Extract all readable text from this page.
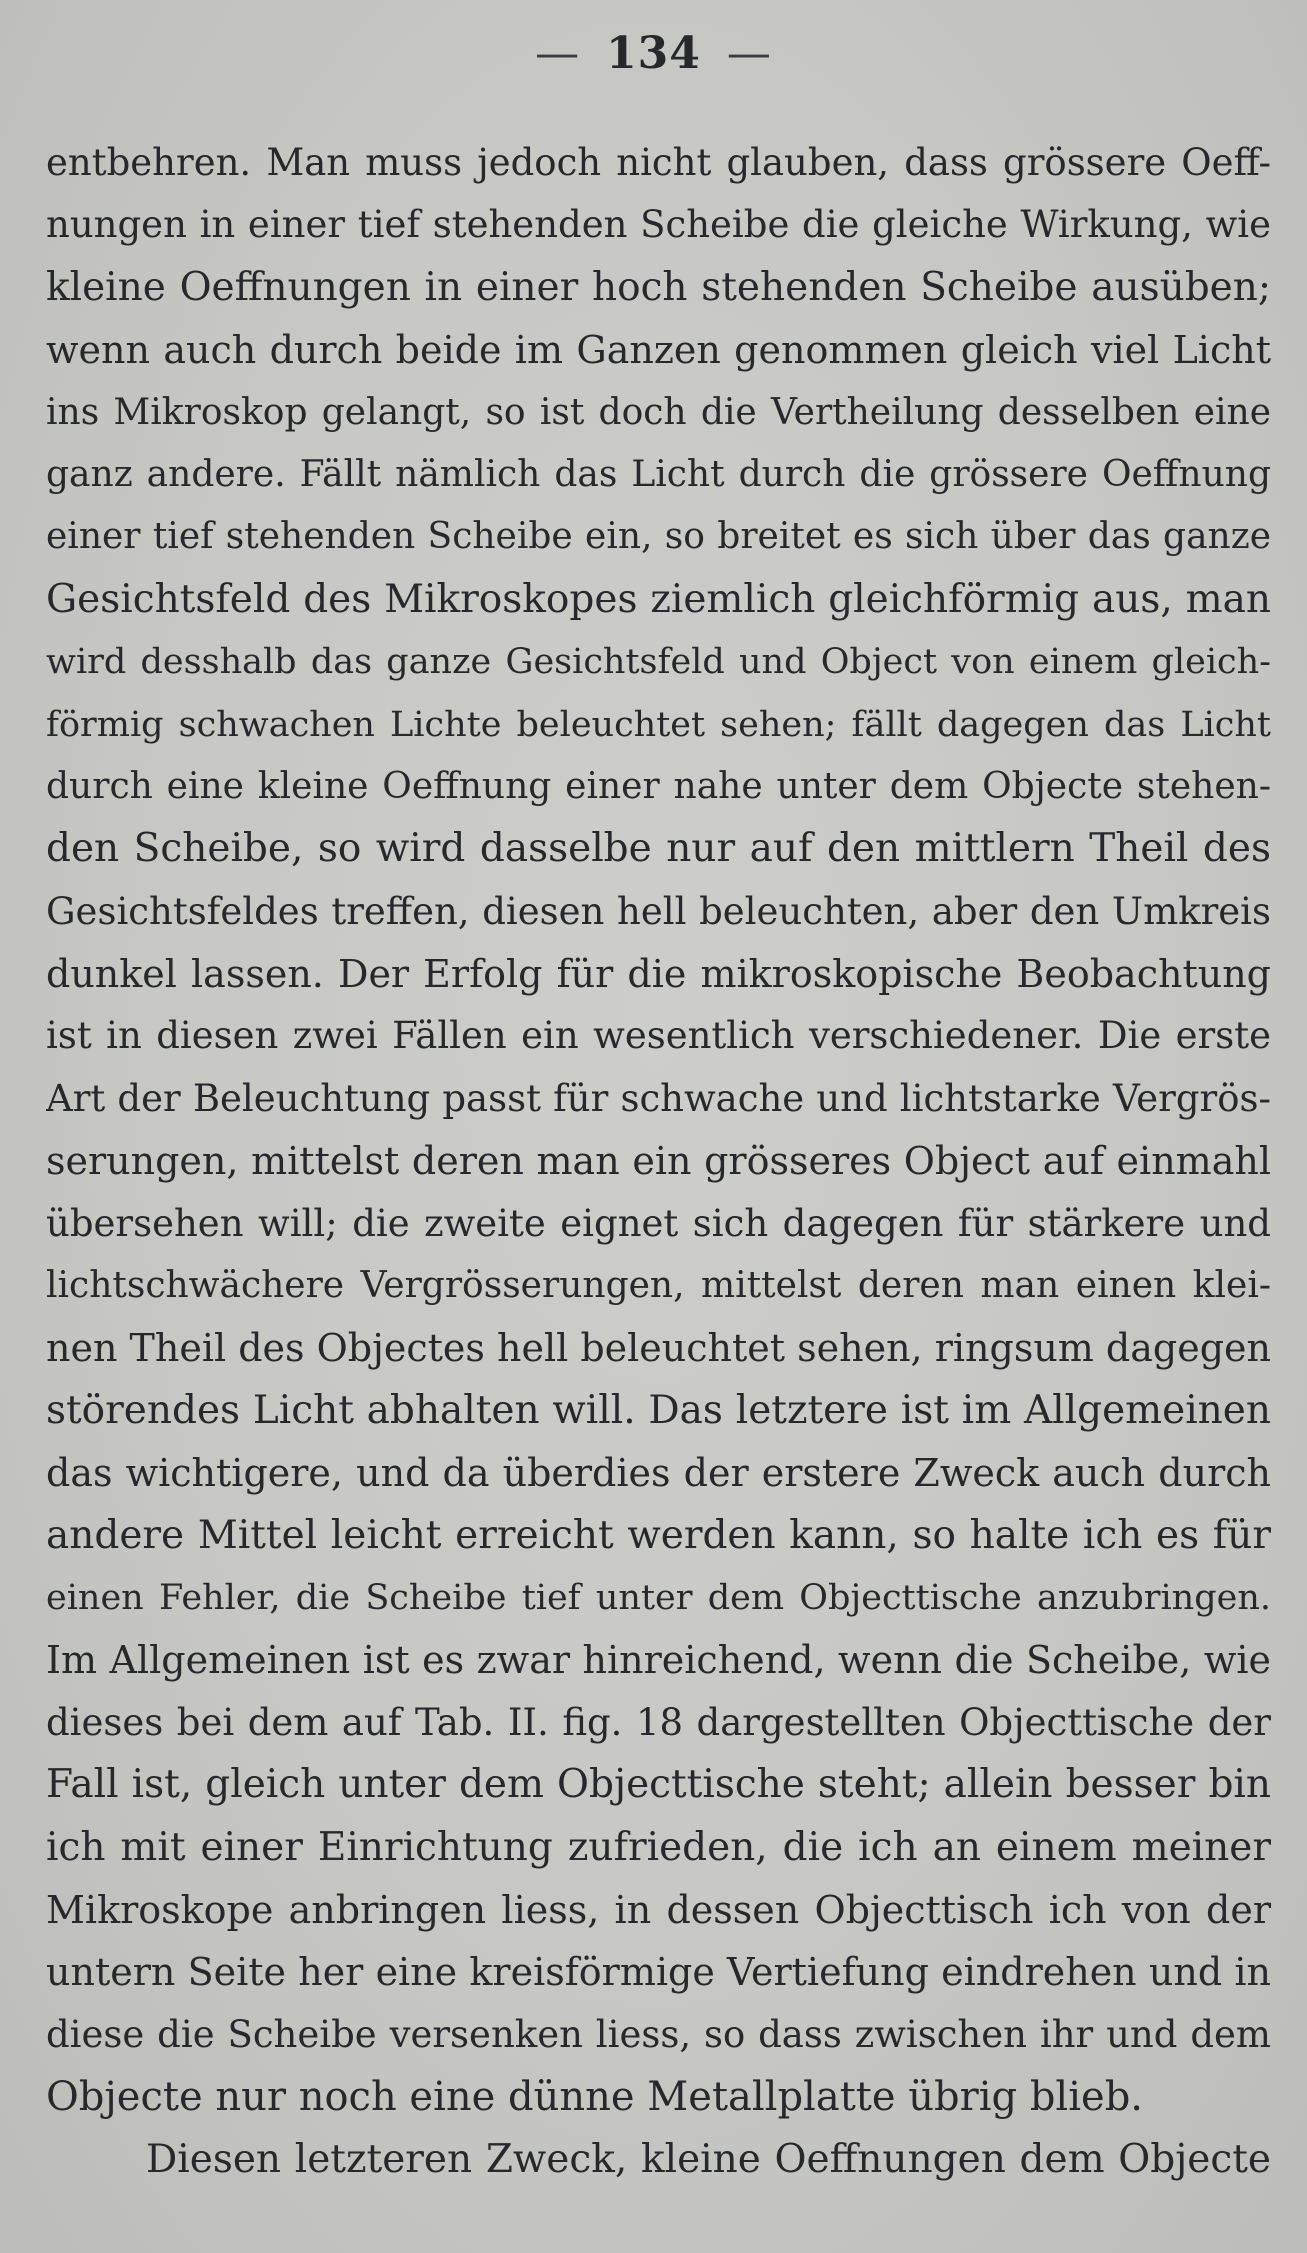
— 134 —
entbehren. Man muss jedoch nicht glauben, dass grössere Oeff-
nungen in einer tief stehenden Scheibe die gleiche Wirkung, wie
kleine Oeffnungen in einer hoch stehenden Scheibe ausüben;
wenn auch durch beide im Ganzen genommen gleich viel Licht
ins Mikroskop gelangt, so ist doch die Vertheilung desselben eine
ganz andere. Fällt nämlich das Licht durch die grössere Oeffnung
einer tief stehenden Scheibe ein, so breitet es sich über das ganze
Gesichtsfeld des Mikroskopes ziemlich gleichförmig aus, man
wird desshalb das ganze Gesichtsfeld und Object von einem gleich-
förmig schwachen Lichte beleuchtet sehen; fällt dagegen das Licht
durch eine kleine Oeffnung einer nahe unter dem Objecte stehen-
den Scheibe, so wird dasselbe nur auf den mittlern Theil des
Gesichtsfeldes treffen, diesen hell beleuchten, aber den Umkreis
dunkel lassen. Der Erfolg für die mikroskopische Beobachtung
ist in diesen zwei Fällen ein wesentlich verschiedener. Die erste
Art der Beleuchtung passt für schwache und lichtstarke Vergrös-
serungen, mittelst deren man ein grösseres Object auf einmahl
übersehen will; die zweite eignet sich dagegen für stärkere und
lichtschwächere Vergrösserungen, mittelst deren man einen klei-
nen Theil des Objectes hell beleuchtet sehen, ringsum dagegen
störendes Licht abhalten will. Das letztere ist im Allgemeinen
das wichtigere, und da überdies der erstere Zweck auch durch
andere Mittel leicht erreicht werden kann, so halte ich es für
einen Fehler, die Scheibe tief unter dem Objecttische anzubringen.
Im Allgemeinen ist es zwar hinreichend, wenn die Scheibe, wie
dieses bei dem auf Tab. II. fig. 18 dargestellten Objecttische der
Fall ist, gleich unter dem Objecttische steht; allein besser bin
ich mit einer Einrichtung zufrieden, die ich an einem meiner
Mikroskope anbringen liess, in dessen Objecttisch ich von der
untern Seite her eine kreisförmige Vertiefung eindrehen und in
diese die Scheibe versenken liess, so dass zwischen ihr und dem
Objecte nur noch eine dünne Metallplatte übrig blieb.
Diesen letzteren Zweck, kleine Oeffnungen dem Objecte
